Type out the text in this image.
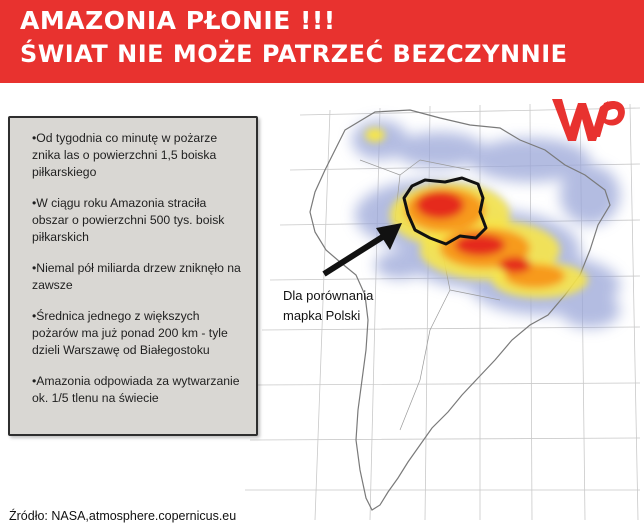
AMAZONIA PŁONIE !!!
ŚWIAT NIE MOŻE PATRZEĆ BEZCZYNNIE

•Od tygodnia co minutę w pożarze znika las o powierzchni 1,5 boiska piłkarskiego

•W ciągu roku Amazonia straciła obszar o powierzchni 500 tys. boisk piłkarskich

•Niemal pół miliarda drzew zniknęło na zawsze

•Średnica jednego z większych pożarów ma już ponad 200 km - tyle dzieli Warszawę od Białegostoku

•Amazonia odpowiada za wytwarzanie ok. 1/5 tlenu na świecie

Dla porównania
mapka Polski
Źródło: NASA,atmosphere.copernicus.eu
